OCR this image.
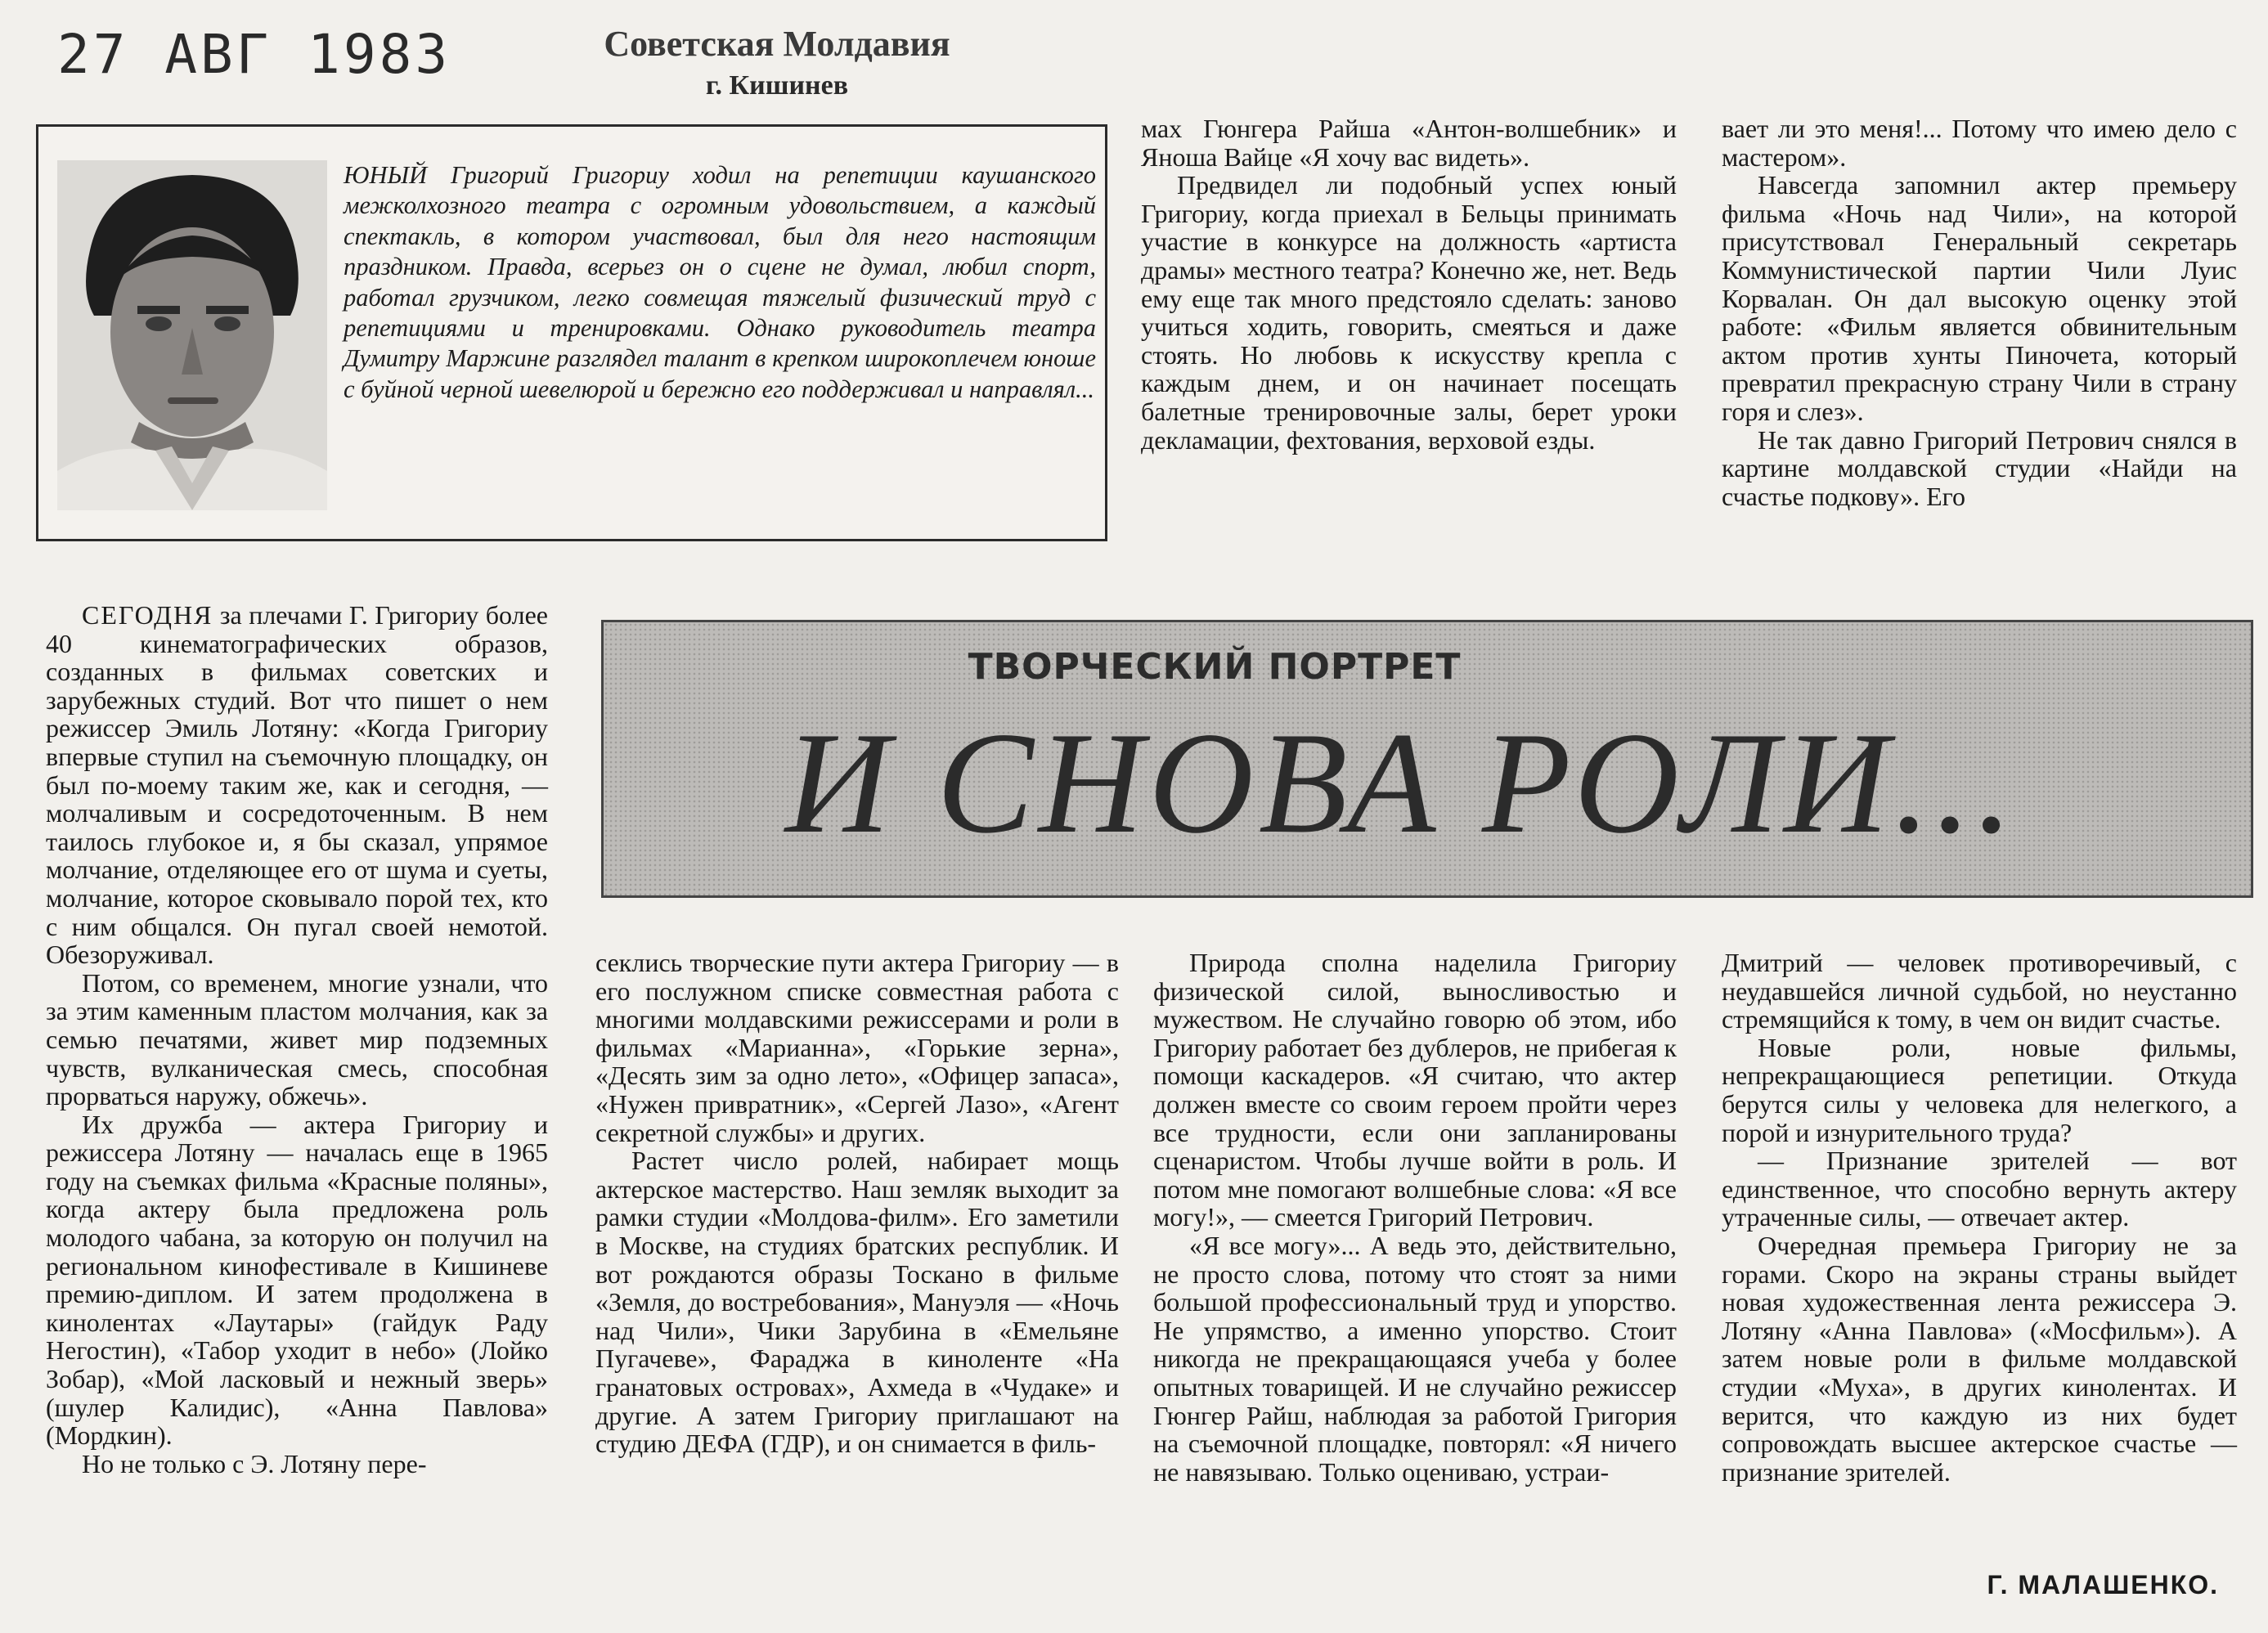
27 АВГ 1983	Советская Молдавия
г. Кишинев
ЮНЫЙ Григорий Григориу ходил на репетиции каушанского межколхозного театра с огромным удовольствием, а каждый спектакль, в котором участвовал, был для него настоящим праздником. Правда, всерьез он о сцене не думал, любил спорт, работал грузчиком, легко совмещая тяжелый физический труд с репетициями и тренировками. Однако руководитель театра Думитру Маржине разглядел талант в крепком широкоплечем юноше с буйной черной шевелюрой и бережно его поддерживал и направлял...

мах Гюнгера Райша «Антон-волшебник» и Яноша Вайце «Я хочу вас видеть».

Предвидел ли подобный успех юный Григориу, когда приехал в Бельцы принимать участие в конкурсе на должность «артиста драмы» местного театра? Конечно же, нет. Ведь ему еще так много предстояло сделать: заново учиться ходить, говорить, смеяться и даже стоять. Но любовь к искусству крепла с каждым днем, и он начинает посещать балетные тренировочные залы, берет уроки декламации, фехтования, верховой езды.

вает ли это меня!... Потому что имею дело с мастером».

Навсегда запомнил актер премьеру фильма «Ночь над Чили», на которой присутствовал Генеральный секретарь Коммунистической партии Чили Луис Корвалан. Он дал высокую оценку этой работе: «Фильм является обвинительным актом против хунты Пиночета, который превратил прекрасную страну Чили в страну горя и слез».

Не так давно Григорий Петрович снялся в картине молдавской студии «Найди на счастье подкову». Его

ТВОРЧЕСКИЙ ПОРТРЕТ
И СНОВА РОЛИ...

СЕГОДНЯ за плечами Г. Григориу более 40 кинематографических образов, созданных в фильмах советских и зарубежных студий. Вот что пишет о нем режиссер Эмиль Лотяну: «Когда Григориу впервые ступил на съемочную площадку, он был по-моему таким же, как и сегодня, — молчаливым и сосредоточенным. В нем таилось глубокое и, я бы сказал, упрямое молчание, отделяющее его от шума и суеты, молчание, которое сковывало порой тех, кто с ним общался. Он пугал своей немотой. Обезоруживал.

Потом, со временем, многие узнали, что за этим каменным пластом молчания, как за семью печатями, живет мир подземных чувств, вулканическая смесь, способная прорваться наружу, обжечь».

Их дружба — актера Григориу и режиссера Лотяну — началась еще в 1965 году на съемках фильма «Красные поляны», когда актеру была предложена роль молодого чабана, за которую он получил на региональном кинофестивале в Кишиневе премию-диплом. И затем продолжена в кинолентах «Лаутары» (гайдук Раду Негостин), «Табор уходит в небо» (Лойко Зобар), «Мой ласковый и нежный зверь» (шулер Калидис), «Анна Павлова» (Мордкин).

Но не только с Э. Лотяну пере-

секлись творческие пути актера Григориу — в его послужном списке совместная работа с многими молдавскими режиссерами и роли в фильмах «Марианна», «Горькие зерна», «Десять зим за одно лето», «Офицер запаса», «Нужен привратник», «Сергей Лазо», «Агент секретной службы» и других.

Растет число ролей, набирает мощь актерское мастерство. Наш земляк выходит за рамки студии «Молдова-филм». Его заметили в Москве, на студиях братских республик. И вот рождаются образы Тоскано в фильме «Земля, до востребования», Мануэля — «Ночь над Чили», Чики Зарубина в «Емельяне Пугачеве», Фараджа в киноленте «На гранатовых островах», Ахмеда в «Чудаке» и другие. А затем Григориу приглашают на студию ДЕФА (ГДР), и он снимается в филь-

Природа сполна наделила Григориу физической силой, выносливостью и мужеством. Не случайно говорю об этом, ибо Григориу работает без дублеров, не прибегая к помощи каскадеров. «Я считаю, что актер должен вместе со своим героем пройти через все трудности, если они запланированы сценаристом. Чтобы лучше войти в роль. И потом мне помогают волшебные слова: «Я все могу!», — смеется Григорий Петрович.

«Я все могу»... А ведь это, действительно, не просто слова, потому что стоят за ними большой профессиональный труд и упорство. Не упрямство, а именно упорство. Стоит никогда не прекращающаяся учеба у более опытных товарищей. И не случайно режиссер Гюнгер Райш, наблюдая за работой Григория на съемочной площадке, повторял: «Я ничего не навязываю. Только оцениваю, устраи-

Дмитрий — человек противоречивый, с неудавшейся личной судьбой, но неустанно стремящийся к тому, в чем он видит счастье.

Новые роли, новые фильмы, непрекращающиеся репетиции. Откуда берутся силы у человека для нелегкого, а порой и изнурительного труда?

— Признание зрителей — вот единственное, что способно вернуть актеру утраченные силы, — отвечает актер.

Очередная премьера Григориу не за горами. Скоро на экраны страны выйдет новая художественная лента режиссера Э. Лотяну «Анна Павлова» («Мосфильм»). А затем новые роли в фильме молдавской студии «Муха», в других кинолентах. И верится, что каждую из них будет сопровождать высшее актерское счастье — признание зрителей.

Г. МАЛАШЕНКО.
